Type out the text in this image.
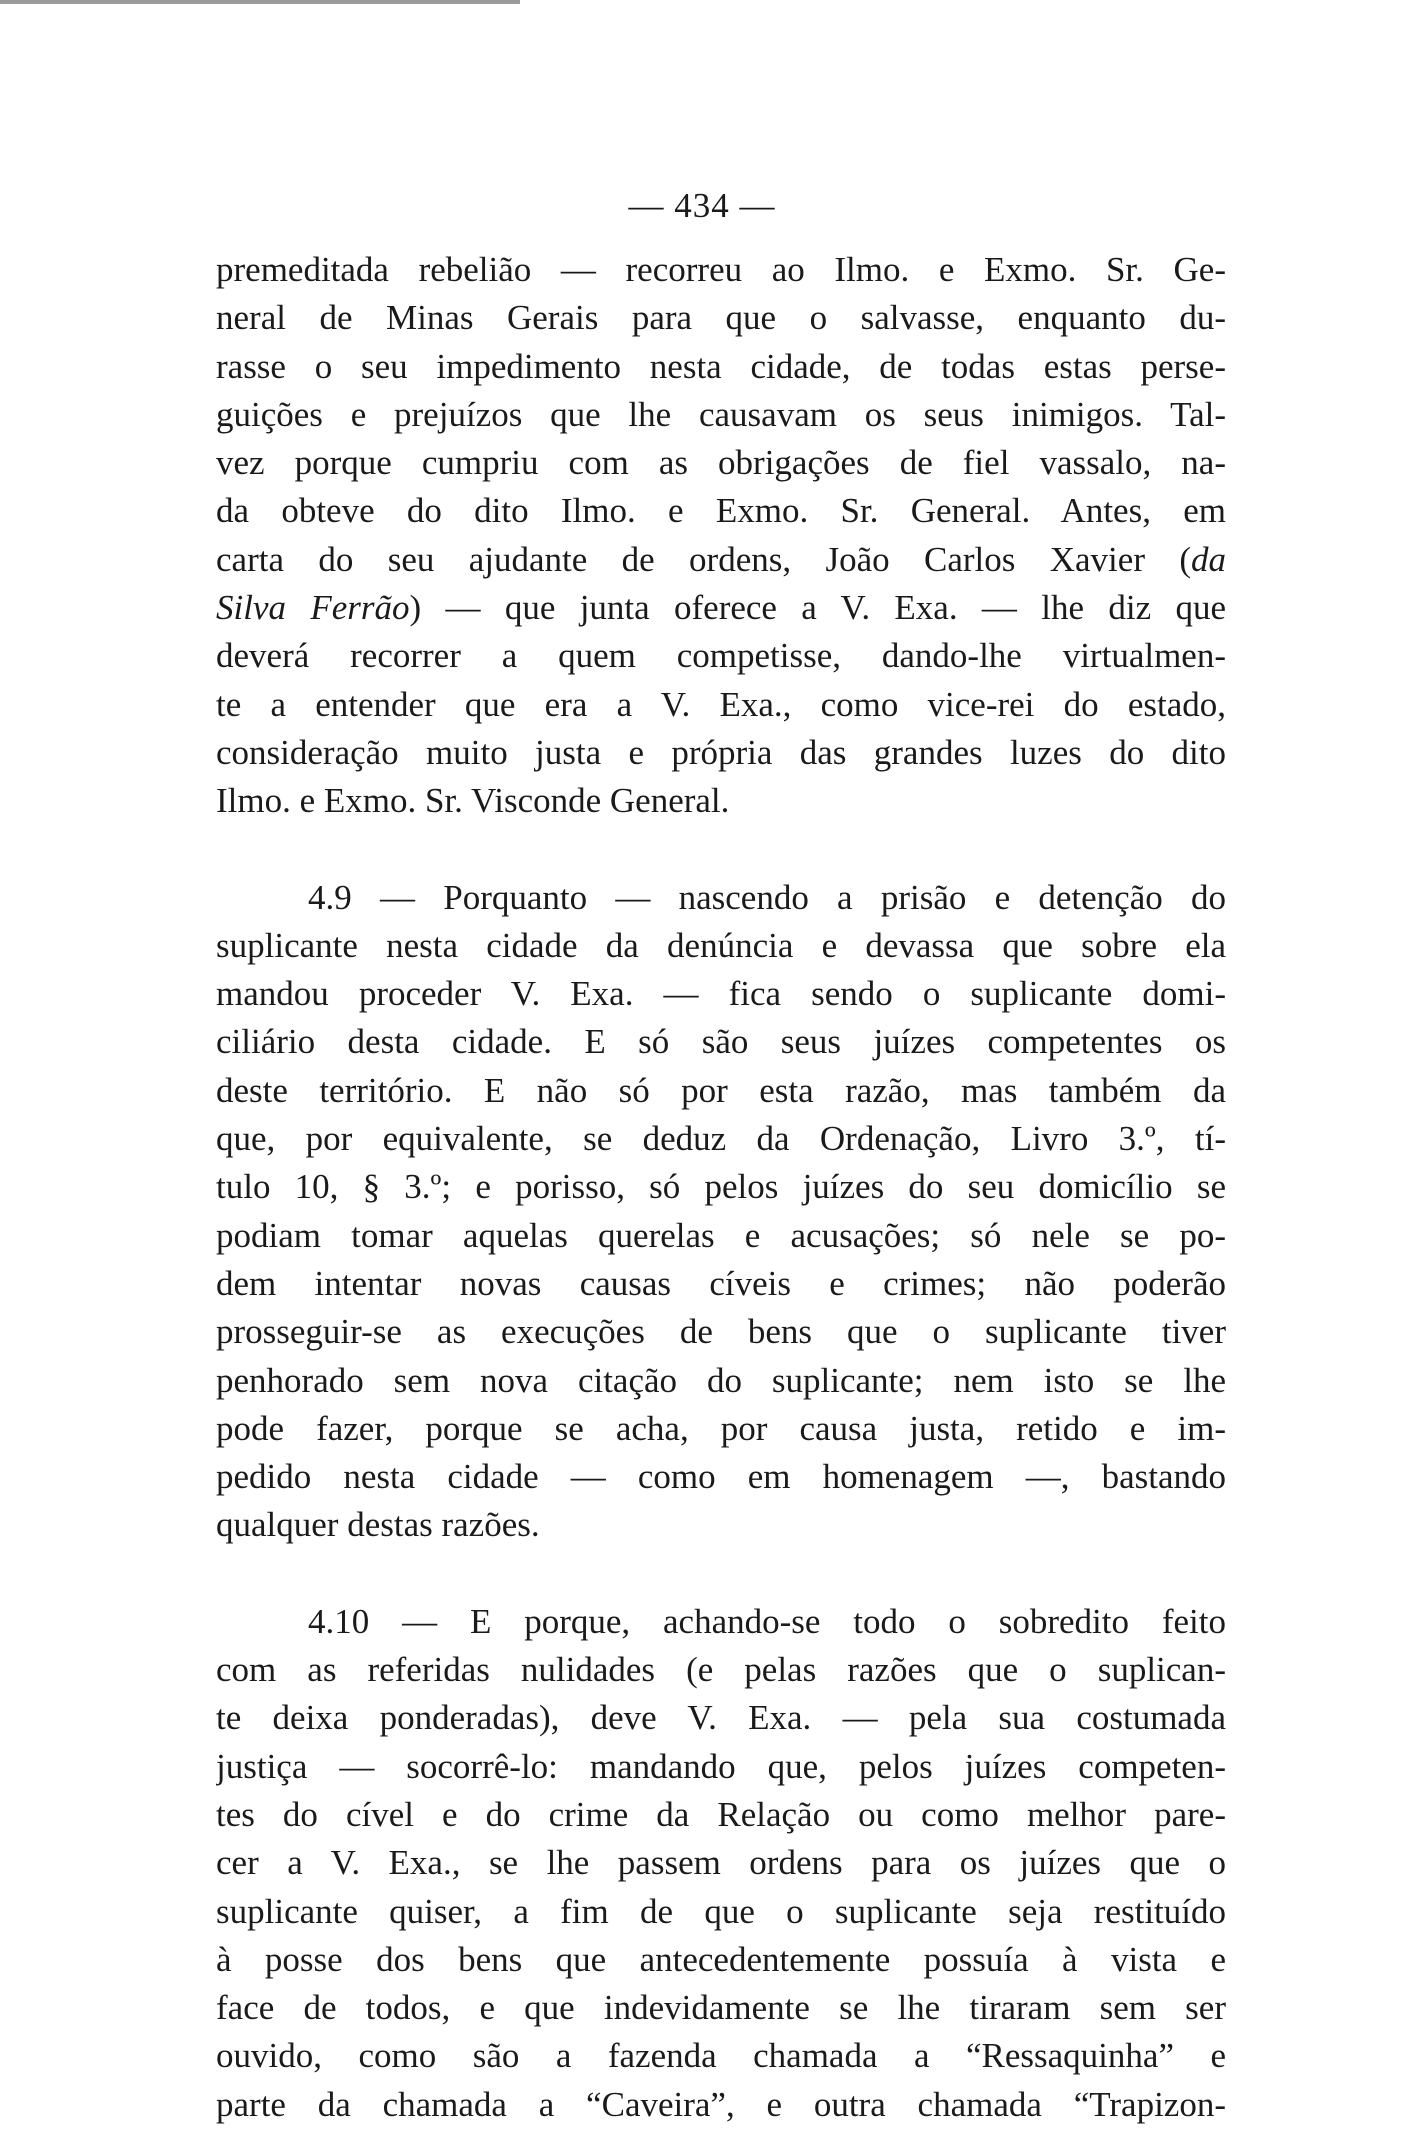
— 434 —
premeditada rebelião — recorreu ao Ilmo. e Exmo. Sr. Ge-
neral de Minas Gerais para que o salvasse, enquanto du-
rasse o seu impedimento nesta cidade, de todas estas perse-
guições e prejuízos que lhe causavam os seus inimigos. Tal-
vez porque cumpriu com as obrigações de fiel vassalo, na-
da obteve do dito Ilmo. e Exmo. Sr. General. Antes, em
carta do seu ajudante de ordens, João Carlos Xavier (da
Silva Ferrão) — que junta oferece a V. Exa. — lhe diz que
deverá recorrer a quem competisse, dando-lhe virtualmen-
te a entender que era a V. Exa., como vice-rei do estado,
consideração muito justa e própria das grandes luzes do dito
Ilmo. e Exmo. Sr. Visconde General.
4.9 — Porquanto — nascendo a prisão e detenção do
suplicante nesta cidade da denúncia e devassa que sobre ela
mandou proceder V. Exa. — fica sendo o suplicante domi-
ciliário desta cidade. E só são seus juízes competentes os
deste território. E não só por esta razão, mas também da
que, por equivalente, se deduz da Ordenação, Livro 3.º, tí-
tulo 10, § 3.º; e porisso, só pelos juízes do seu domicílio se
podiam tomar aquelas querelas e acusações; só nele se po-
dem intentar novas causas cíveis e crimes; não poderão
prosseguir-se as execuções de bens que o suplicante tiver
penhorado sem nova citação do suplicante; nem isto se lhe
pode fazer, porque se acha, por causa justa, retido e im-
pedido nesta cidade — como em homenagem —, bastando
qualquer destas razões.
4.10 — E porque, achando-se todo o sobredito feito
com as referidas nulidades (e pelas razões que o suplican-
te deixa ponderadas), deve V. Exa. — pela sua costumada
justiça — socorrê-lo: mandando que, pelos juízes competen-
tes do cível e do crime da Relação ou como melhor pare-
cer a V. Exa., se lhe passem ordens para os juízes que o
suplicante quiser, a fim de que o suplicante seja restituído
à posse dos bens que antecedentemente possuía à vista e
face de todos, e que indevidamente se lhe tiraram sem ser
ouvido, como são a fazenda chamada a “Ressaquinha” e
parte da chamada a “Caveira”, e outra chamada “Trapizon-
